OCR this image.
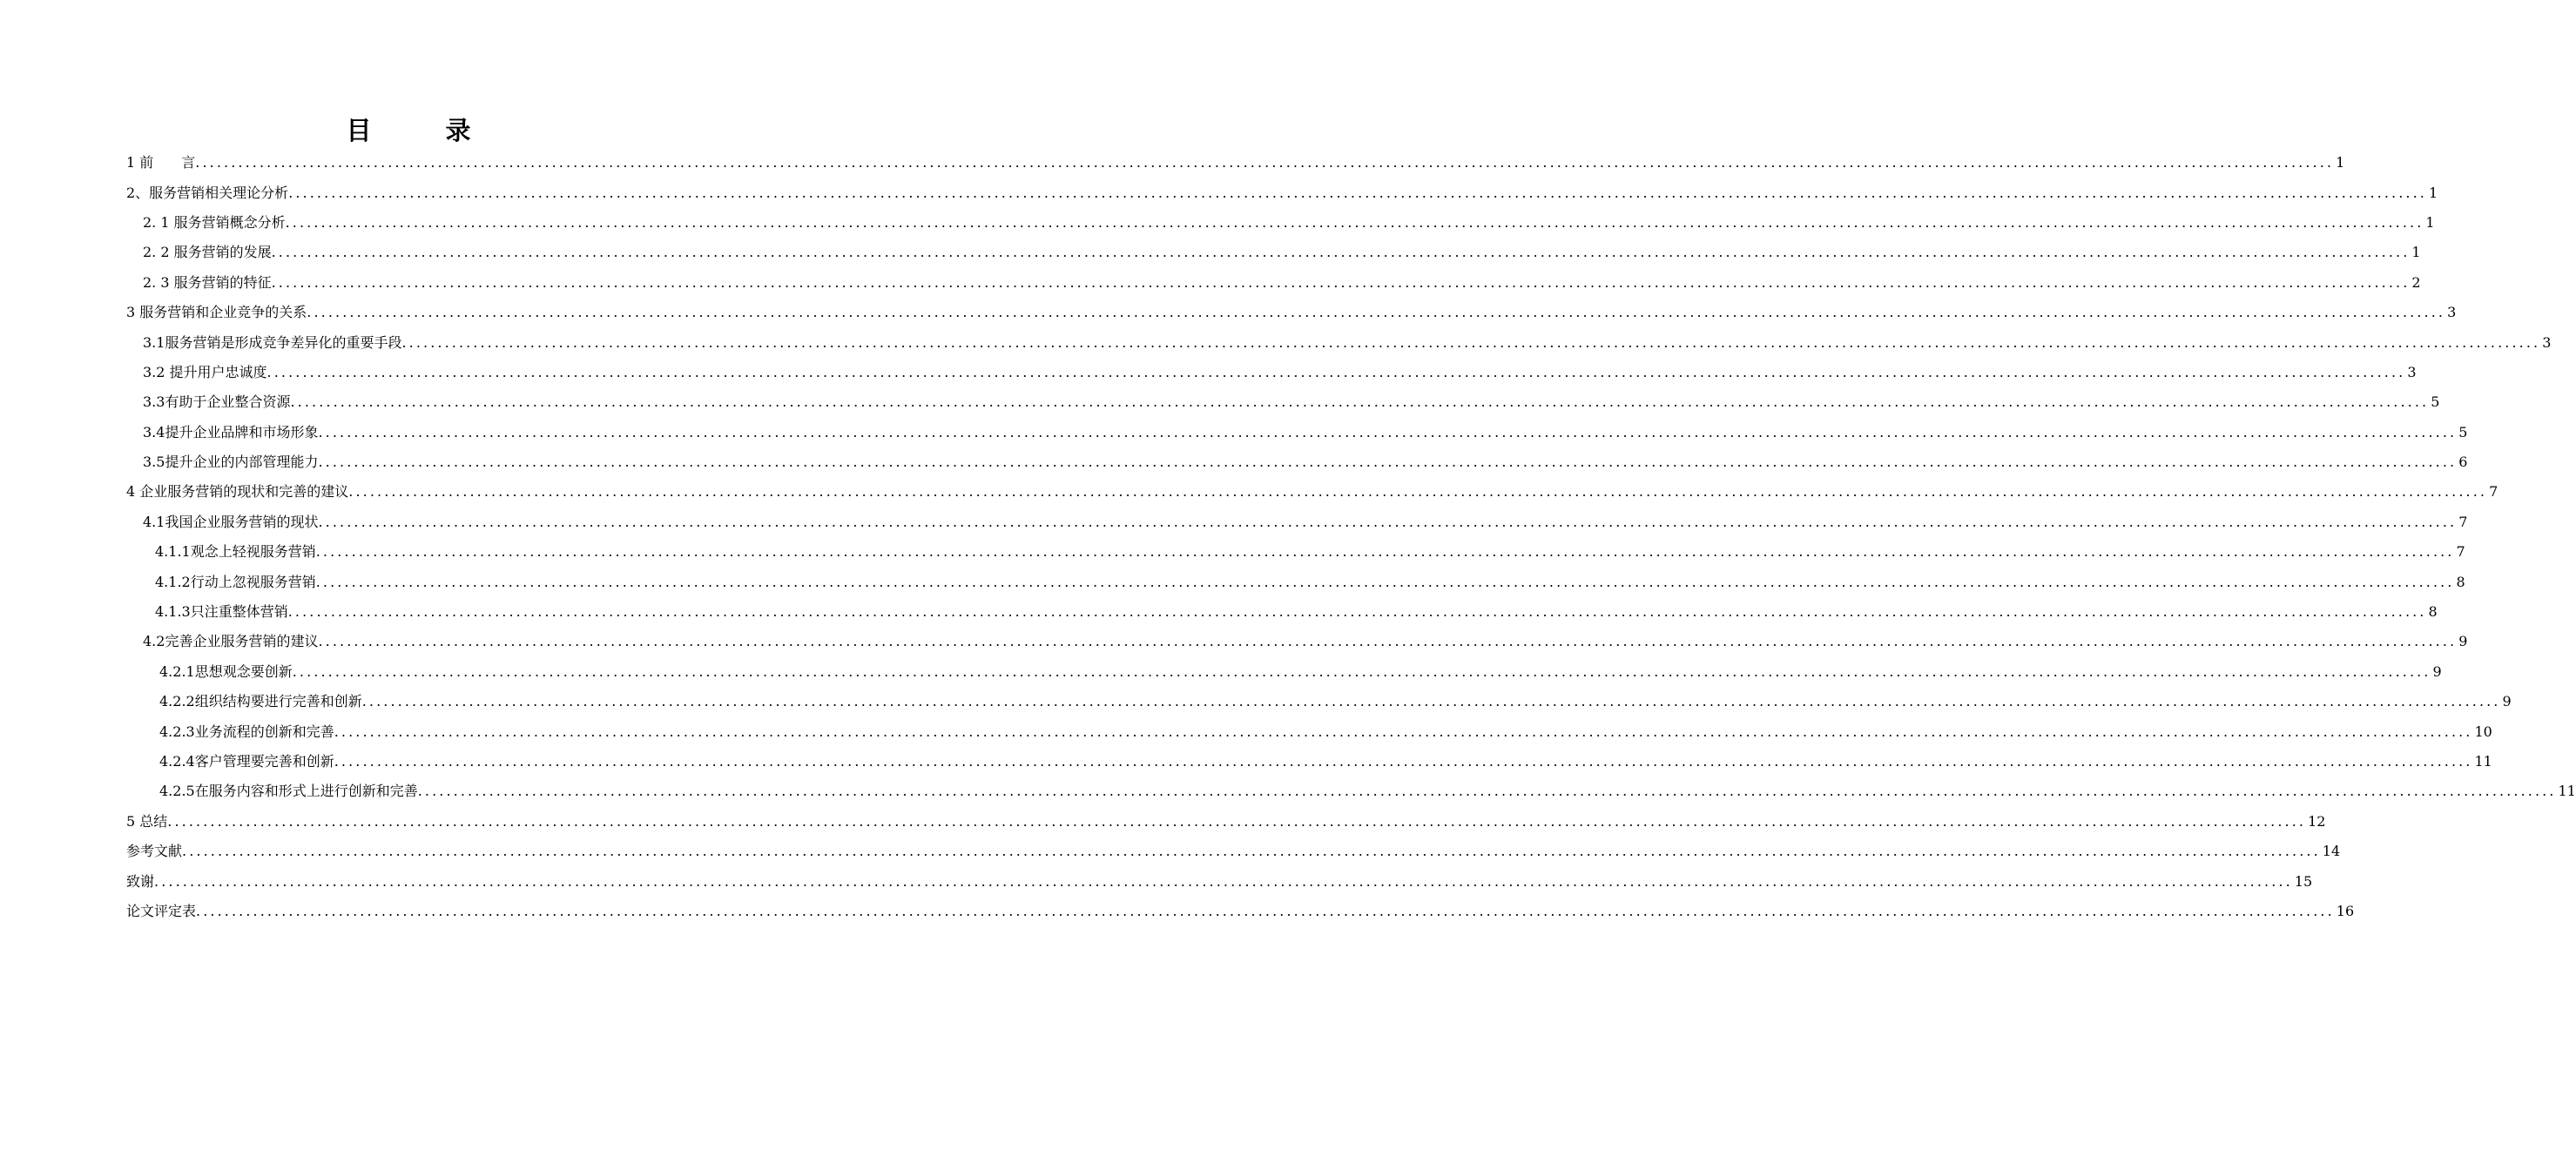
目　录
1 前　　言 ............................................................................................................................................................................................................................................................................................................ 1
2、服务营销相关理论分析 ............................................................................................................................................................................................................................................................................................................ 1
2. 1 服务营销概念分析 ............................................................................................................................................................................................................................................................................................................ 1
2. 2 服务营销的发展 ............................................................................................................................................................................................................................................................................................................ 1
2. 3 服务营销的特征 ............................................................................................................................................................................................................................................................................................................ 2
3 服务营销和企业竞争的关系 ............................................................................................................................................................................................................................................................................................................ 3
3.1服务营销是形成竞争差异化的重要手段 ............................................................................................................................................................................................................................................................................................................ 3
3.2 提升用户忠诚度 ............................................................................................................................................................................................................................................................................................................ 3
3.3有助于企业整合资源 ............................................................................................................................................................................................................................................................................................................ 5
3.4提升企业品牌和市场形象 ............................................................................................................................................................................................................................................................................................................ 5
3.5提升企业的内部管理能力 ............................................................................................................................................................................................................................................................................................................ 6
4 企业服务营销的现状和完善的建议 ............................................................................................................................................................................................................................................................................................................ 7
4.1我国企业服务营销的现状 ............................................................................................................................................................................................................................................................................................................ 7
4.1.1观念上轻视服务营销 ............................................................................................................................................................................................................................................................................................................ 7
4.1.2行动上忽视服务营销 ............................................................................................................................................................................................................................................................................................................ 8
4.1.3只注重整体营销 ............................................................................................................................................................................................................................................................................................................ 8
4.2完善企业服务营销的建议 ............................................................................................................................................................................................................................................................................................................ 9
4.2.1思想观念要创新 ............................................................................................................................................................................................................................................................................................................ 9
4.2.2组织结构要进行完善和创新 ............................................................................................................................................................................................................................................................................................................ 9
4.2.3业务流程的创新和完善 ............................................................................................................................................................................................................................................................................................................ 10
4.2.4客户管理要完善和创新 ............................................................................................................................................................................................................................................................................................................ 11
4.2.5在服务内容和形式上进行创新和完善 ............................................................................................................................................................................................................................................................................................................ 11
5 总结 ............................................................................................................................................................................................................................................................................................................ 12
参考文献 ............................................................................................................................................................................................................................................................................................................ 14
致谢 ............................................................................................................................................................................................................................................................................................................ 15
论文评定表 ............................................................................................................................................................................................................................................................................................................ 16
